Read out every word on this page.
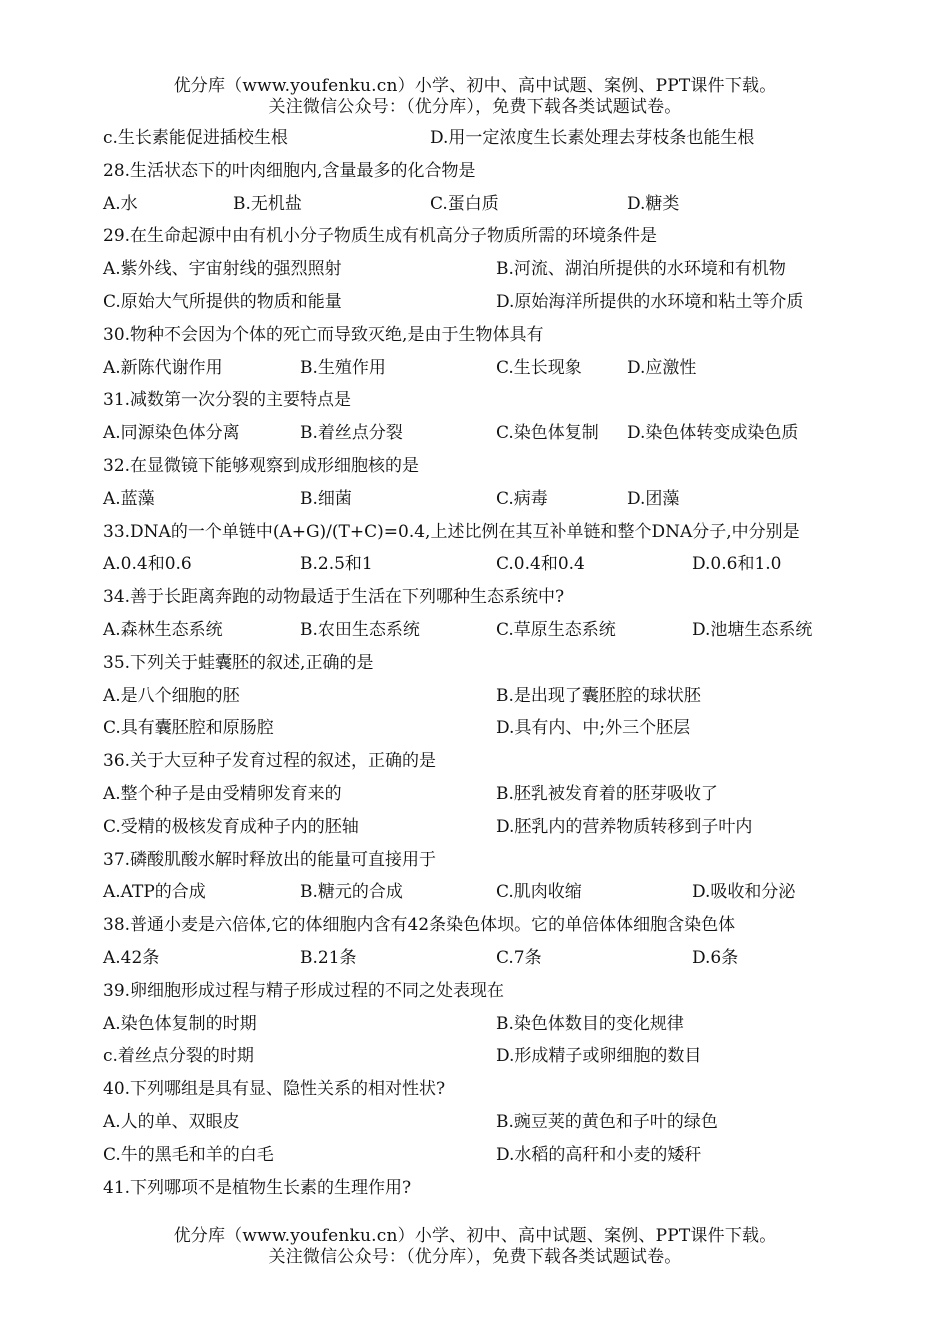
优分库（www.youfenku.cn）小学、初中、高中试题、案例、PPT课件下载。
关注微信公众号：（优分库），免费下载各类试题试卷。
c.生长素能促进插校生根	D.用一定浓度生长素处理去芽枝条也能生根
28.生活状态下的叶肉细胞内,含量最多的化合物是
A.水	B.无机盐	C.蛋白质	D.糖类
29.在生命起源中由有机小分子物质生成有机高分子物质所需的环境条件是
A.紫外线、宇宙射线的强烈照射	B.河流、湖泊所提供的水环境和有机物
C.原始大气所提供的物质和能量	D.原始海洋所提供的水环境和粘土等介质
30.物种不会因为个体的死亡而导致灭绝,是由于生物体具有
A.新陈代谢作用	B.生殖作用	C.生长现象	D.应激性
31.减数第一次分裂的主要特点是
A.同源染色体分离	B.着丝点分裂	C.染色体复制 D.染色体转变成染色质
32.在显微镜下能够观察到成形细胞核的是
A.蓝藻	B.细菌	C.病毒	D.团藻
33.DNA的一个单链中(A+G)/(T+C)=0.4,上述比例在其互补单链和整个DNA分子,中分别是
A.0.4和0.6	B.2.5和1	C.0.4和0.4	D.0.6和1.0
34.善于长距离奔跑的动物最适于生活在下列哪种生态系统中?
A.森林生态系统	B.农田生态系统	C.草原生态系统	D.池塘生态系统
35.下列关于蛙囊胚的叙述,正确的是
A.是八个细胞的胚	B.是出现了囊胚腔的球状胚
C.具有囊胚腔和原肠腔	D.具有内、中;外三个胚层
36.关于大豆种子发育过程的叙述，正确的是
A.整个种子是由受精卵发育来的	B.胚乳被发育着的胚芽吸收了
C.受精的极核发育成种子内的胚轴	D.胚乳内的营养物质转移到子叶内
37.磷酸肌酸水解时释放出的能量可直接用于
A.ATP的合成	B.糖元的合成	C.肌肉收缩	D.吸收和分泌
38.普通小麦是六倍体,它的体细胞内含有42条染色体坝。它的单倍体体细胞含染色体
A.42条	B.21条	C.7条	D.6条
39.卵细胞形成过程与精子形成过程的不同之处表现在
A.染色体复制的时期	B.染色体数目的变化规律
c.着丝点分裂的时期	D.形成精子或卵细胞的数目
40.下列哪组是具有显、隐性关系的相对性状?
A.人的单、双眼皮	B.豌豆荚的黄色和子叶的绿色
C.牛的黑毛和羊的白毛	D.水稻的高秆和小麦的矮秆
41.下列哪项不是植物生长素的生理作用?
优分库（www.youfenku.cn）小学、初中、高中试题、案例、PPT课件下载。
关注微信公众号：（优分库），免费下载各类试题试卷。
